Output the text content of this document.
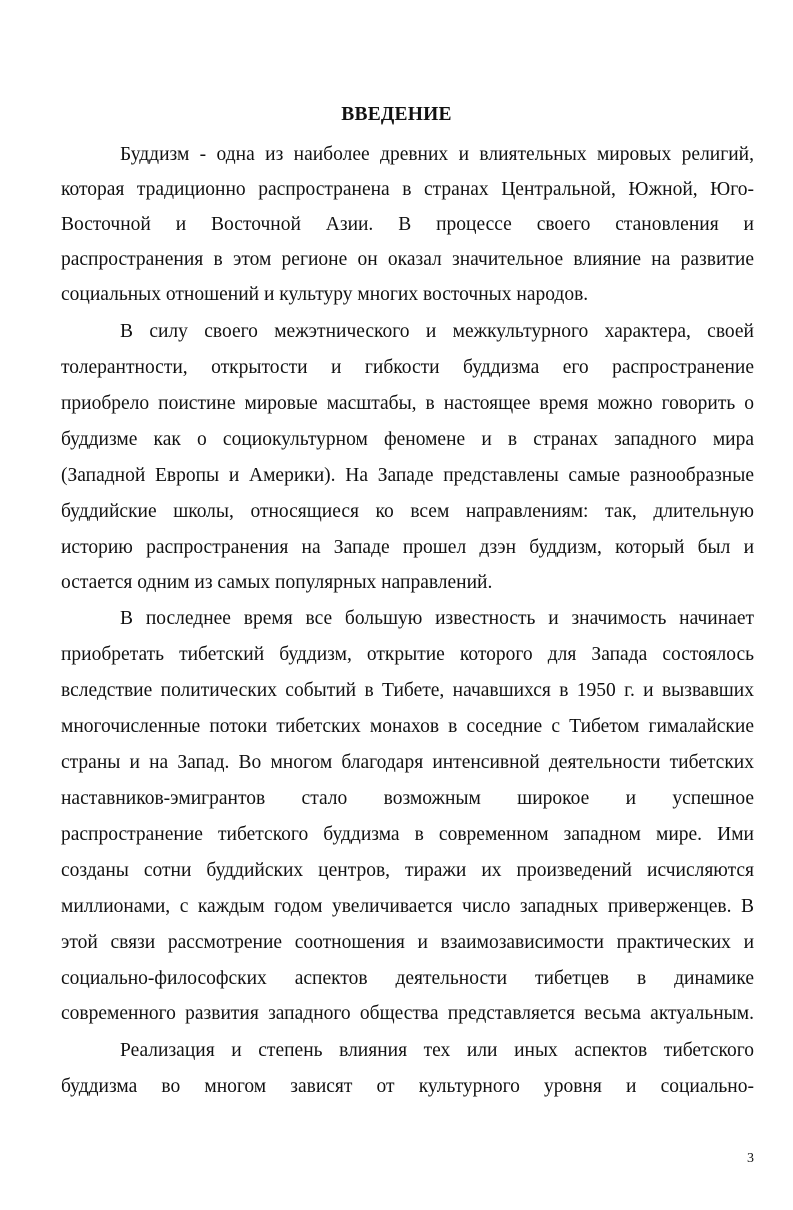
ВВЕДЕНИЕ
Буддизм - одна из наиболее древних и влиятельных мировых религий,
которая традиционно распространена в странах Центральной, Южной, Юго-
Восточной и Восточной Азии. В процессе своего становления и
распространения в этом регионе он оказал значительное влияние на развитие
социальных отношений и культуру многих восточных народов.
В силу своего межэтнического и межкультурного характера, своей
толерантности, открытости и гибкости буддизма его распространение
приобрело поистине мировые масштабы, в настоящее время можно говорить о
буддизме как о социокультурном феномене и в странах западного мира
(Западной Европы и Америки). На Западе представлены самые разнообразные
буддийские школы, относящиеся ко всем направлениям: так, длительную
историю распространения на Западе прошел дзэн буддизм, который был и
остается одним из самых популярных направлений.
В последнее время все большую известность и значимость начинает
приобретать тибетский буддизм, открытие которого для Запада состоялось
вследствие политических событий в Тибете, начавшихся в 1950 г. и вызвавших
многочисленные потоки тибетских монахов в соседние с Тибетом гималайские
страны и на Запад. Во многом благодаря интенсивной деятельности тибетских
наставников-эмигрантов стало возможным широкое и успешное
распространение тибетского буддизма в современном западном мире. Ими
созданы сотни буддийских центров, тиражи их произведений исчисляются
миллионами, с каждым годом увеличивается число западных приверженцев. В
этой связи рассмотрение соотношения и взаимозависимости практических и
социально-философских аспектов деятельности тибетцев в динамике
современного развития западного общества представляется весьма актуальным.
Реализация и степень влияния тех или иных аспектов тибетского
буддизма во многом зависят от культурного уровня и социально-
3
